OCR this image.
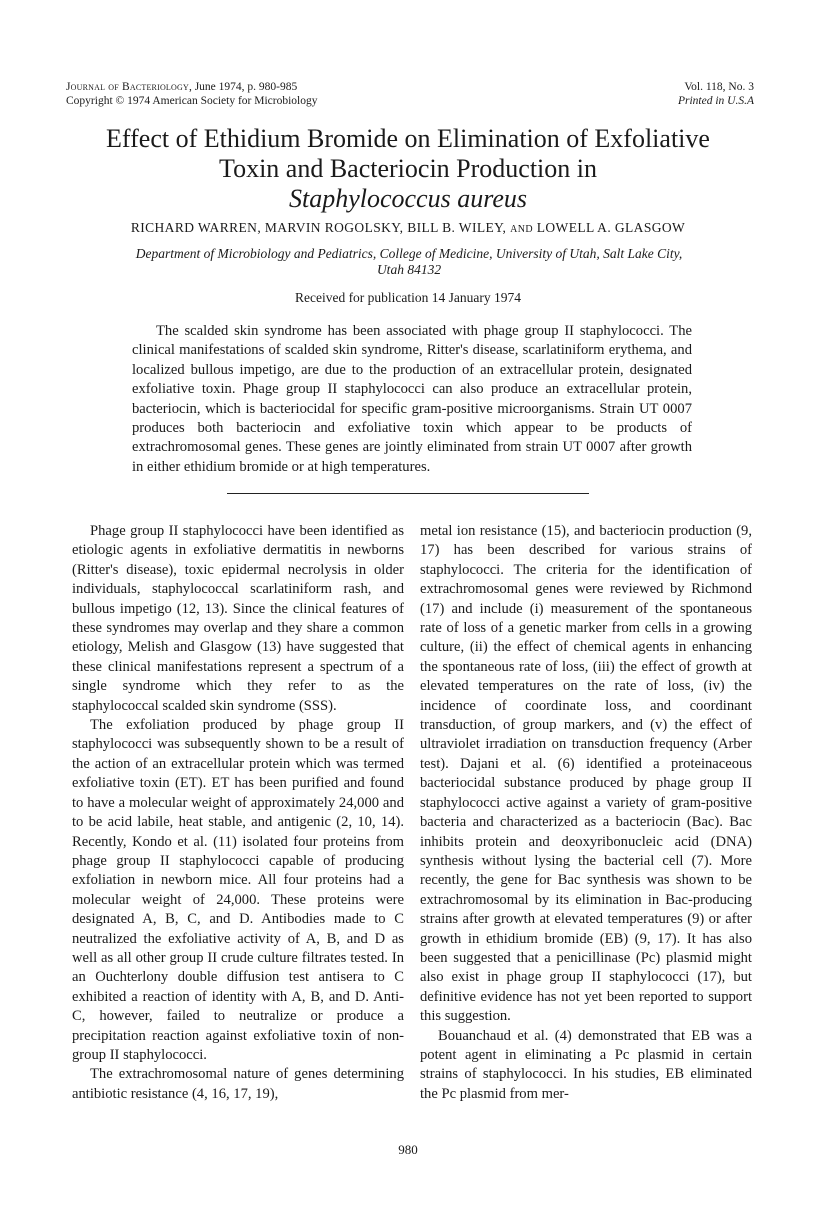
Journal of Bacteriology, June 1974, p. 980-985
Copyright © 1974 American Society for Microbiology
Vol. 118, No. 3
Printed in U.S.A
Effect of Ethidium Bromide on Elimination of Exfoliative
Toxin and Bacteriocin Production in
Staphylococcus aureus
RICHARD WARREN, MARVIN ROGOLSKY, BILL B. WILEY, AND LOWELL A. GLASGOW
Department of Microbiology and Pediatrics, College of Medicine, University of Utah, Salt Lake City,
Utah 84132
Received for publication 14 January 1974

The scalded skin syndrome has been associated with phage group II staphylococci. The clinical manifestations of scalded skin syndrome, Ritter's disease, scarlatiniform erythema, and localized bullous impetigo, are due to the production of an extracellular protein, designated exfoliative toxin. Phage group II staphylococci can also produce an extracellular protein, bacteriocin, which is bacteriocidal for specific gram-positive microorganisms. Strain UT 0007 produces both bacteriocin and exfoliative toxin which appear to be products of extrachromosomal genes. These genes are jointly eliminated from strain UT 0007 after growth in either ethidium bromide or at high temperatures.

Phage group II staphylococci have been identified as etiologic agents in exfoliative dermatitis in newborns (Ritter's disease), toxic epidermal necrolysis in older individuals, staphylococcal scarlatiniform rash, and bullous impetigo (12, 13). Since the clinical features of these syndromes may overlap and they share a common etiology, Melish and Glasgow (13) have suggested that these clinical manifestations represent a spectrum of a single syndrome which they refer to as the staphylococcal scalded skin syndrome (SSS).

The exfoliation produced by phage group II staphylococci was subsequently shown to be a result of the action of an extracellular protein which was termed exfoliative toxin (ET). ET has been purified and found to have a molecular weight of approximately 24,000 and to be acid labile, heat stable, and antigenic (2, 10, 14). Recently, Kondo et al. (11) isolated four proteins from phage group II staphylococci capable of producing exfoliation in newborn mice. All four proteins had a molecular weight of 24,000. These proteins were designated A, B, C, and D. Antibodies made to C neutralized the exfoliative activity of A, B, and D as well as all other group II crude culture filtrates tested. In an Ouchterlony double diffusion test antisera to C exhibited a reaction of identity with A, B, and D. Anti-C, however, failed to neutralize or produce a precipitation reaction against exfoliative toxin of non-group II staphylococci.

The extrachromosomal nature of genes determining antibiotic resistance (4, 16, 17, 19),

metal ion resistance (15), and bacteriocin production (9, 17) has been described for various strains of staphylococci. The criteria for the identification of extrachromosomal genes were reviewed by Richmond (17) and include (i) measurement of the spontaneous rate of loss of a genetic marker from cells in a growing culture, (ii) the effect of chemical agents in enhancing the spontaneous rate of loss, (iii) the effect of growth at elevated temperatures on the rate of loss, (iv) the incidence of coordinate loss, and coordinant transduction, of group markers, and (v) the effect of ultraviolet irradiation on transduction frequency (Arber test). Dajani et al. (6) identified a proteinaceous bacteriocidal substance produced by phage group II staphylococci active against a variety of gram-positive bacteria and characterized as a bacteriocin (Bac). Bac inhibits protein and deoxyribonucleic acid (DNA) synthesis without lysing the bacterial cell (7). More recently, the gene for Bac synthesis was shown to be extrachromosomal by its elimination in Bac-producing strains after growth at elevated temperatures (9) or after growth in ethidium bromide (EB) (9, 17). It has also been suggested that a penicillinase (Pc) plasmid might also exist in phage group II staphylococci (17), but definitive evidence has not yet been reported to support this suggestion.

Bouanchaud et al. (4) demonstrated that EB was a potent agent in eliminating a Pc plasmid in certain strains of staphylococci. In his studies, EB eliminated the Pc plasmid from mer-

980
